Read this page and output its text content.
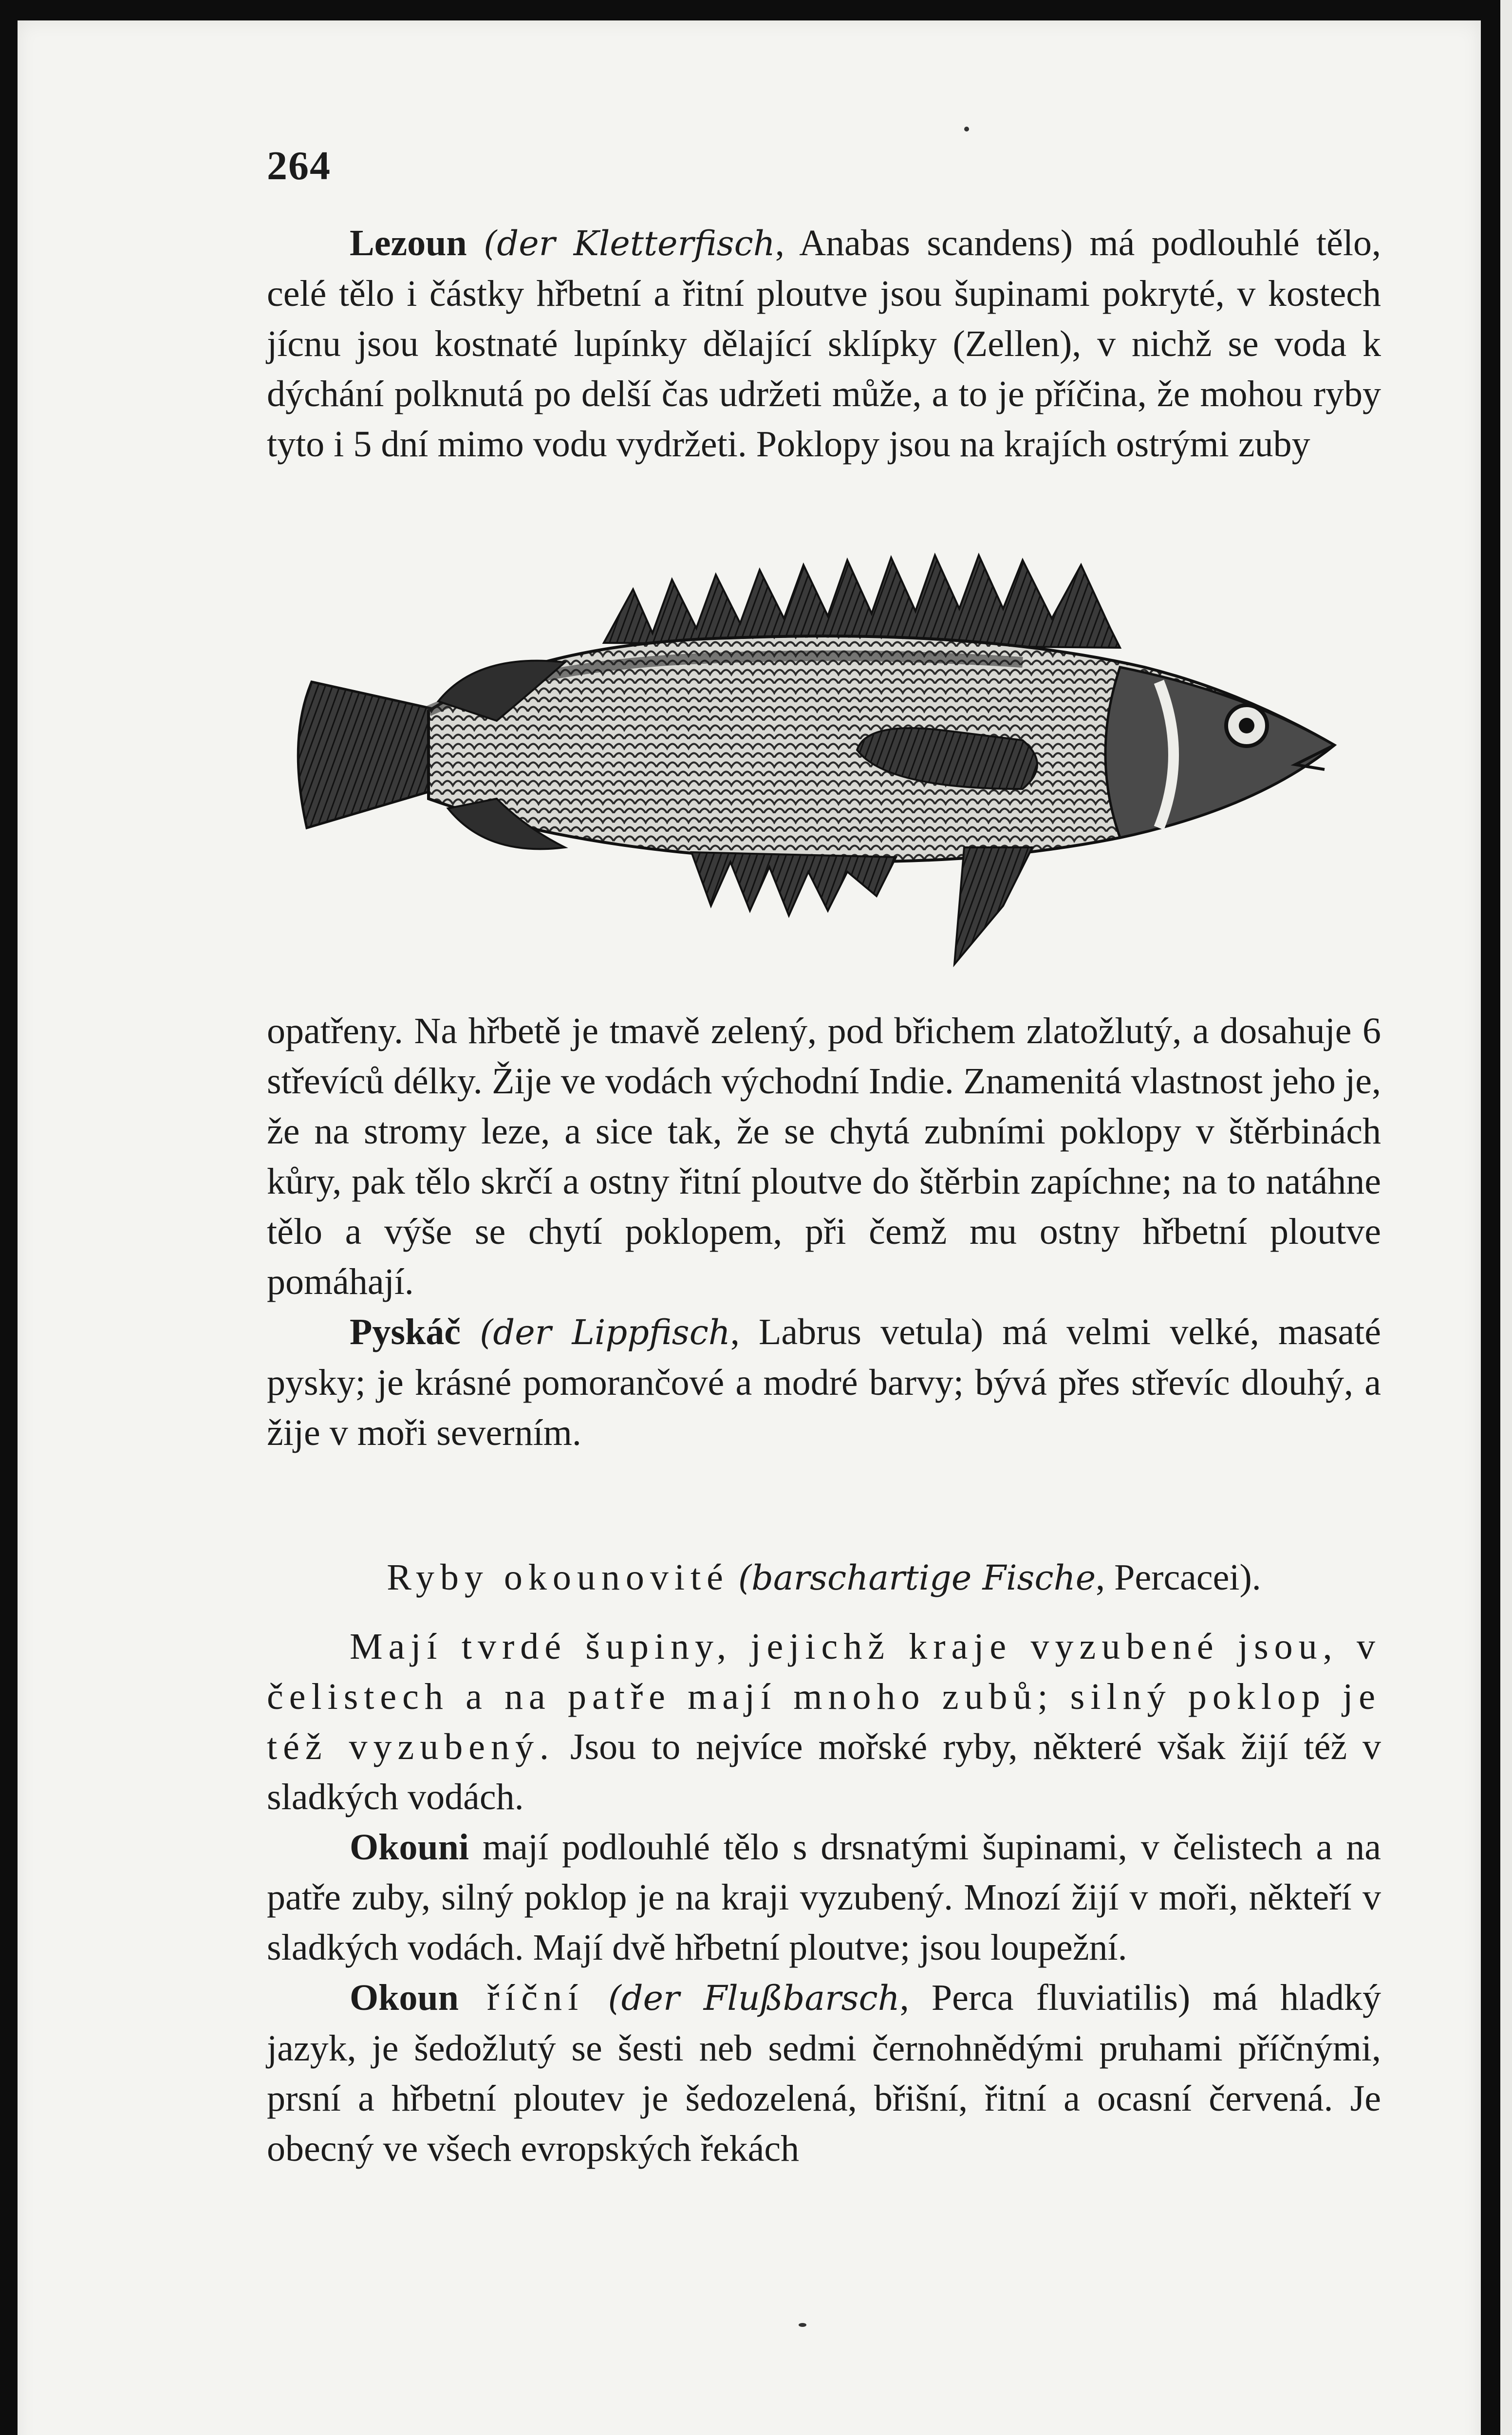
264

Lezoun (der Kletterfisch, Anabas scandens) má podlouhlé tělo, celé tělo i částky hřbetní a řitní ploutve jsou šupinami pokryté, v kostech jícnu jsou kostnaté lupínky dělající sklípky (Zellen), v nichž se voda k dýchání polknutá po delší čas udržeti může, a to je příčina, že mohou ryby tyto i 5 dní mimo vodu vydržeti. Poklopy jsou na krajích ostrými zuby

opatřeny. Na hřbetě je tmavě zelený, pod břichem zlatožlutý, a dosahuje 6 střevíců délky. Žije ve vodách východní Indie. Znamenitá vlastnost jeho je, že na stromy leze, a sice tak, že se chytá zubními poklopy v štěrbinách kůry, pak tělo skrčí a ostny řitní ploutve do štěrbin zapíchne; na to natáhne tělo a výše se chytí poklopem, při čemž mu ostny hřbetní ploutve pomáhají.

Pyskáč (der Lippfisch, Labrus vetula) má velmi velké, masaté pysky; je krásné pomorančové a modré barvy; bývá přes střevíc dlouhý, a žije v moři severním.

Ryby okounovité (barschartige Fische, Percacei).

Mají tvrdé šupiny, jejichž kraje vyzubené jsou, v čelistech a na patře mají mnoho zubů; silný poklop je též vyzubený. Jsou to nejvíce mořské ryby, některé však žijí též v sladkých vodách.

Okouni mají podlouhlé tělo s drsnatými šupinami, v čelistech a na patře zuby, silný poklop je na kraji vyzubený. Mnozí žijí v moři, někteří v sladkých vodách. Mají dvě hřbetní ploutve; jsou loupežní.

Okoun říční (der Flußbarsch, Perca fluviatilis) má hladký jazyk, je šedožlutý se šesti neb sedmi černohnědými pruhami příčnými, prsní a hřbetní ploutev je šedozelená, břišní, řitní a ocasní červená. Je obecný ve všech evropských řekách
